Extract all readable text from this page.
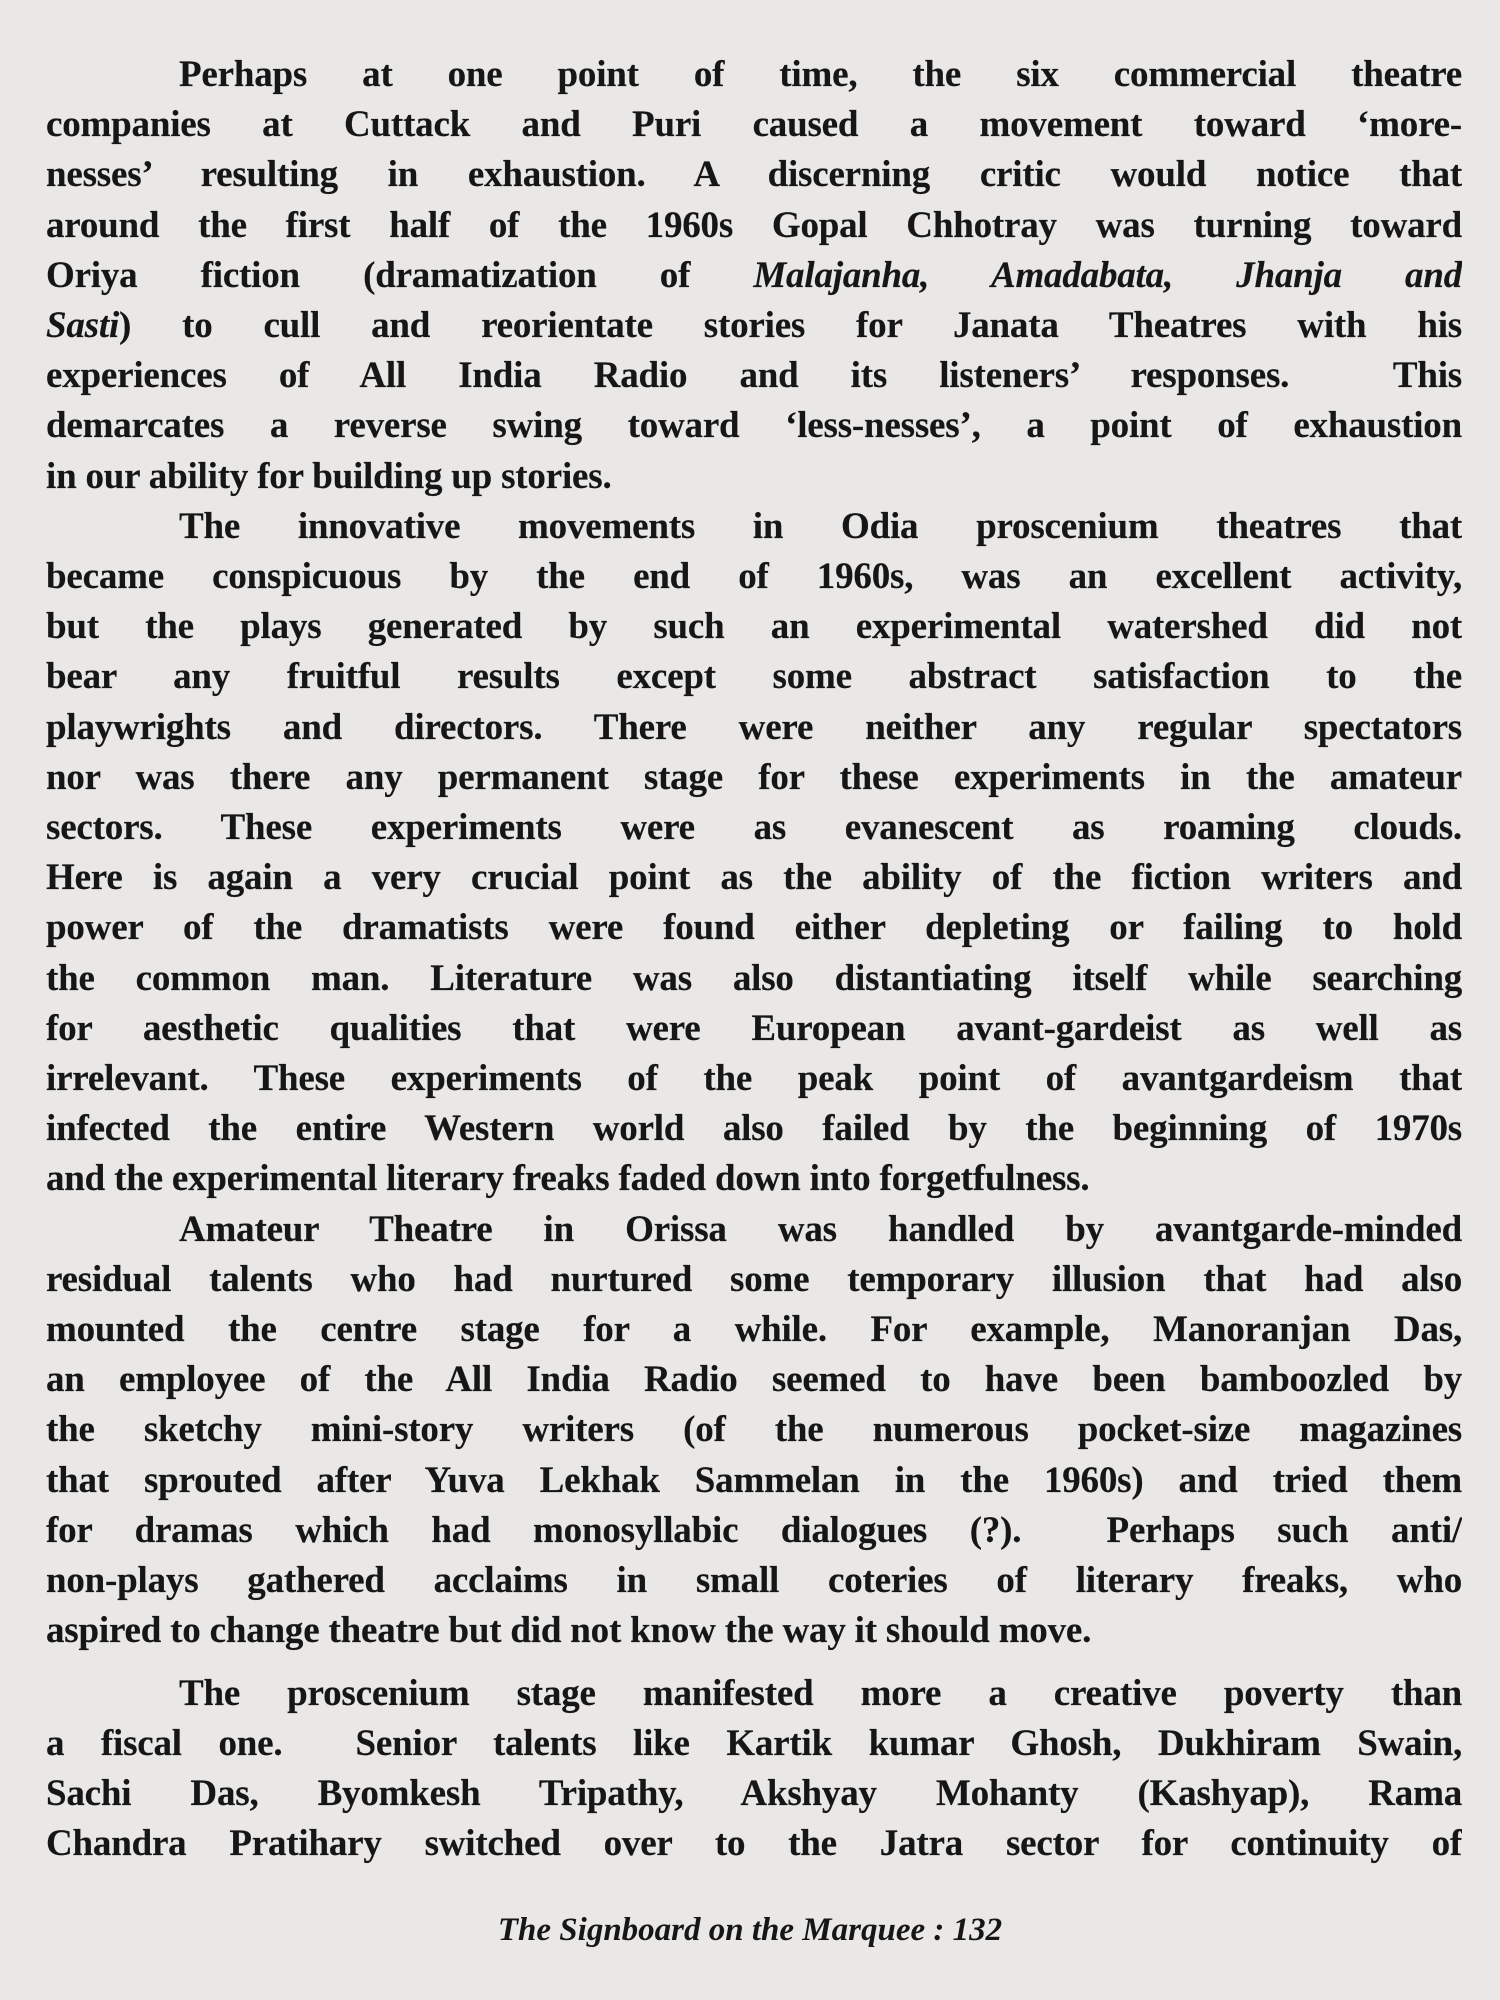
Perhaps at one point of time, the six commercial theatre
companies at Cuttack and Puri caused a movement toward ‘more-
nesses’ resulting in exhaustion. A discerning critic would notice that
around the first half of the 1960s Gopal Chhotray was turning toward
Oriya fiction (dramatization of Malajanha, Amadabata, Jhanja and
Sasti) to cull and reorientate stories for Janata Theatres with his
experiences of All India Radio and its listeners’ responses.  This
demarcates a reverse swing toward ‘less-nesses’, a point of exhaustion
in our ability for building up stories.
The innovative movements in Odia proscenium theatres that
became conspicuous by the end of 1960s, was an excellent activity,
but the plays generated by such an experimental watershed did not
bear any fruitful results except some abstract satisfaction to the
playwrights and directors. There were neither any regular spectators
nor was there any permanent stage for these experiments in the amateur
sectors. These experiments were as evanescent as roaming clouds.
Here is again a very crucial point as the ability of the fiction writers and
power of the dramatists were found either depleting or failing to hold
the common man. Literature was also distantiating itself while searching
for aesthetic qualities that were European avant-gardeist as well as
irrelevant. These experiments of the peak point of avantgardeism that
infected the entire Western world also failed by the beginning of 1970s
and the experimental literary freaks faded down into forgetfulness.
Amateur Theatre in Orissa was handled by avantgarde-minded
residual talents who had nurtured some temporary illusion that had also
mounted the centre stage for a while. For example, Manoranjan Das,
an employee of the All India Radio seemed to have been bamboozled by
the sketchy mini-story writers (of the numerous pocket-size magazines
that sprouted after Yuva Lekhak Sammelan in the 1960s) and tried them
for dramas which had monosyllabic dialogues (?).  Perhaps such anti/
non-plays gathered acclaims in small coteries of literary freaks, who
aspired to change theatre but did not know the way it should move.
The proscenium stage manifested more a creative poverty than
a fiscal one.  Senior talents like Kartik kumar Ghosh, Dukhiram Swain,
Sachi Das, Byomkesh Tripathy, Akshyay Mohanty (Kashyap), Rama
Chandra Pratihary switched over to the Jatra sector for continuity of
The Signboard on the Marquee : 132
